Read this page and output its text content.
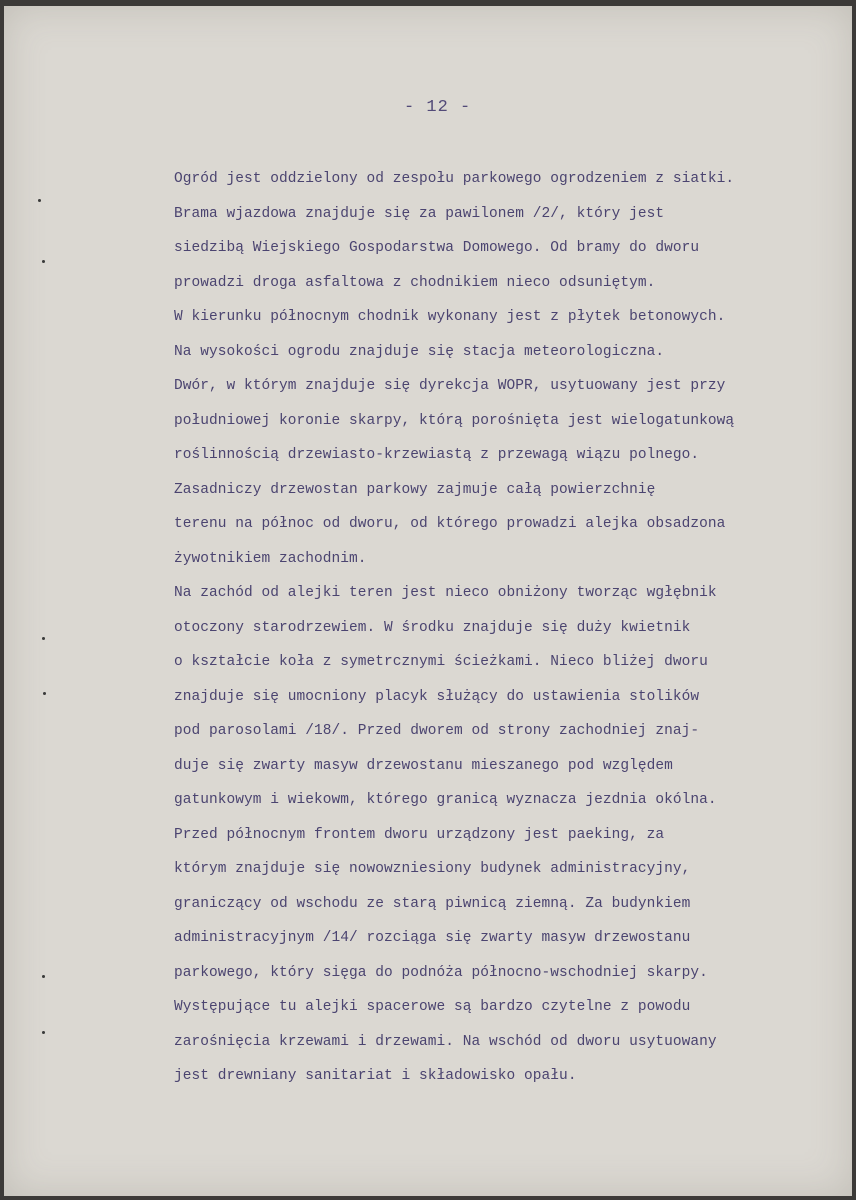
- 12 -
Ogród jest oddzielony od zespołu parkowego ogrodzeniem z siatki.
Brama wjazdowa znajduje się za pawilonem /2/, który jest
siedzibą Wiejskiego Gospodarstwa Domowego. Od bramy do dworu
prowadzi droga asfaltowa z chodnikiem nieco odsuniętym.
W kierunku północnym chodnik wykonany jest z płytek betonowych.
Na wysokości ogrodu znajduje się stacja meteorologiczna.
Dwór, w którym znajduje się dyrekcja WOPR, usytuowany jest przy
południowej koronie skarpy, którą porośnięta jest wielogatunkową
roślinnością drzewiasto-krzewiastą z przewagą wiązu polnego.
Zasadniczy drzewostan parkowy zajmuje całą powierzchnię
terenu na północ od dworu, od którego prowadzi alejka obsadzona
żywotnikiem zachodnim.
Na zachód od alejki teren jest nieco obniżony tworząc wgłębnik
otoczony starodrzewiem. W środku znajduje się duży kwietnik
o kształcie koła z symetrcznymi ścieżkami. Nieco bliżej dworu
znajduje się umocniony placyk służący do ustawienia stolików
pod parosolami /18/. Przed dworem od strony zachodniej znaj-
duje się zwarty masyw drzewostanu mieszanego pod względem
gatunkowym i wiekowm, którego granicą wyznacza jezdnia okólna.
Przed północnym frontem dworu urządzony jest paeking, za
którym znajduje się nowowzniesiony budynek administracyjny,
graniczący od wschodu ze starą piwnicą ziemną. Za budynkiem
administracyjnym /14/ rozciąga się zwarty masyw drzewostanu
parkowego, który sięga do podnóża północno-wschodniej skarpy.
Występujące tu alejki spacerowe są bardzo czytelne z powodu
zarośnięcia krzewami i drzewami. Na wschód od dworu usytuowany
jest drewniany sanitariat i składowisko opału.
